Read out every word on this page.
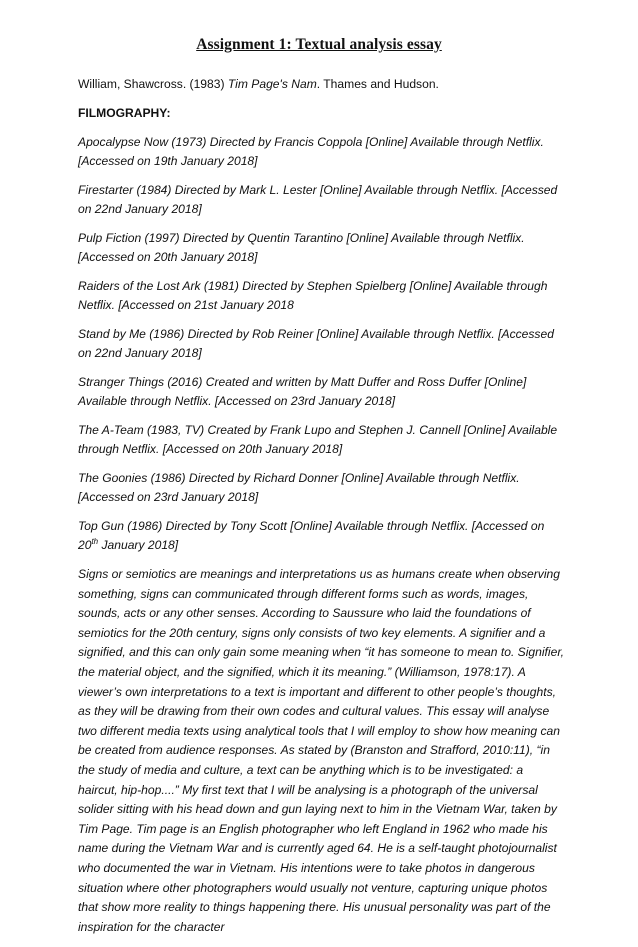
Assignment 1: Textual analysis essay

William, Shawcross. (1983) Tim Page's Nam. Thames and Hudson.

FILMOGRAPHY:

Apocalypse Now (1973) Directed by Francis Coppola [Online] Available through Netflix. [Accessed on 19th January 2018]

Firestarter (1984) Directed by Mark L. Lester [Online] Available through Netflix. [Accessed on 22nd January 2018]

Pulp Fiction (1997) Directed by Quentin Tarantino [Online] Available through Netflix. [Accessed on 20th January 2018]

Raiders of the Lost Ark (1981) Directed by Stephen Spielberg [Online] Available through Netflix. [Accessed on 21st January 2018

Stand by Me (1986) Directed by Rob Reiner [Online] Available through Netflix. [Accessed on 22nd January 2018]

Stranger Things (2016) Created and written by Matt Duffer and Ross Duffer [Online] Available through Netflix. [Accessed on 23rd January 2018]

The A-Team (1983, TV) Created by Frank Lupo and Stephen J. Cannell [Online] Available through Netflix. [Accessed on 20th January 2018]

The Goonies (1986) Directed by Richard Donner [Online] Available through Netflix. [Accessed on 23rd January 2018]

Top Gun (1986) Directed by Tony Scott [Online] Available through Netflix. [Accessed on 20th January 2018]

Signs or semiotics are meanings and interpretations us as humans create when observing something, signs can communicated through different forms such as words, images, sounds, acts or any other senses. According to Saussure who laid the foundations of semiotics for the 20th century, signs only consists of two key elements. A signifier and a signified, and this can only gain some meaning when “it has someone to mean to. Signifier, the material object, and the signified, which it its meaning.” (Williamson, 1978:17). A viewer’s own interpretations to a text is important and different to other people’s thoughts, as they will be drawing from their own codes and cultural values. This essay will analyse two different media texts using analytical tools that I will employ to show how meaning can be created from audience responses. As stated by (Branston and Strafford, 2010:11), “in the study of media and culture, a text can be anything which is to be investigated: a haircut, hip-hop....” My first text that I will be analysing is a photograph of the universal solider sitting with his head down and gun laying next to him in the Vietnam War, taken by Tim Page. Tim page is an English photographer who left England in 1962 who made his name during the Vietnam War and is currently aged 64. He is a self-taught photojournalist who documented the war in Vietnam. His intentions were to take photos in dangerous situation where other photographers would usually not venture, capturing unique photos that show more reality to things happening there. His unusual personality was part of the inspiration for the character
